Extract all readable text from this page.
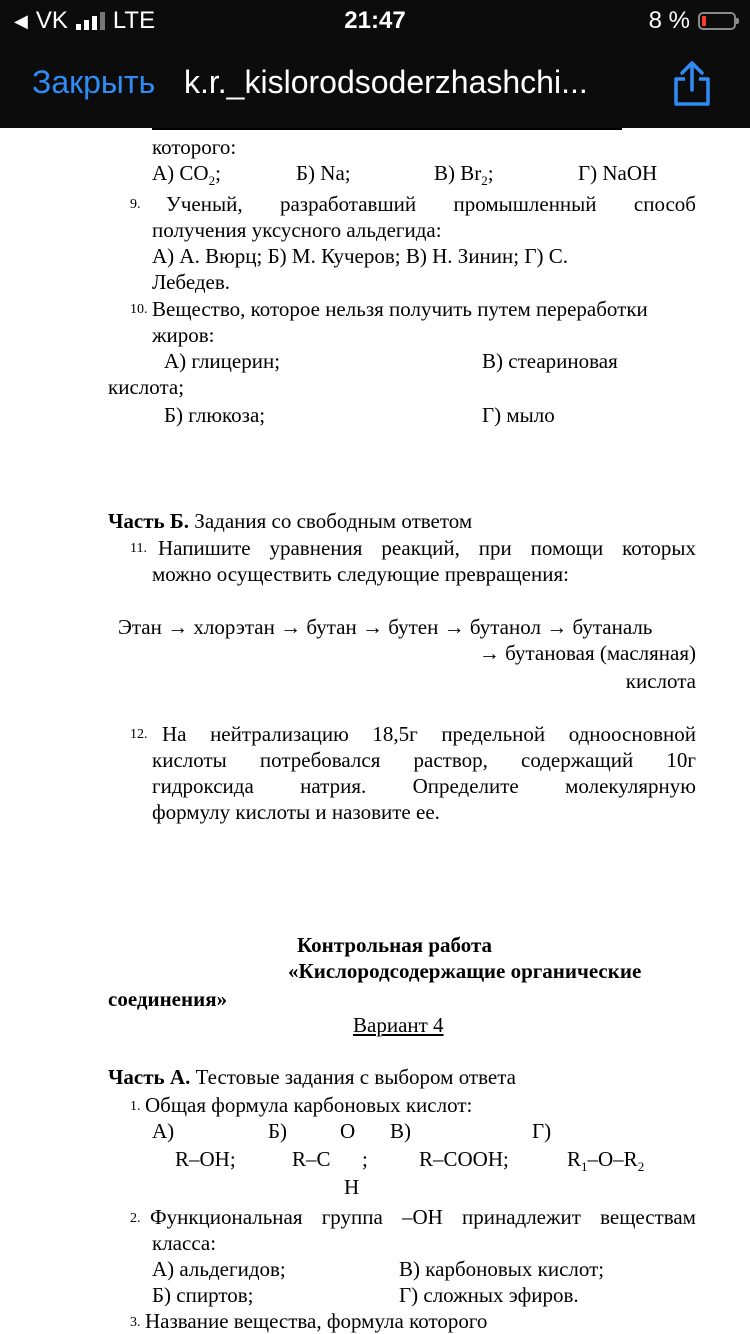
◀ VK LTE	21:47	8 %
Закрыть k.r._kislorodsoderzhashchi...
которого:
А) $CO_2$;	Б) Na;	В) $Br_2$;	Г) NaOH
9. Ученый, разработавший промышленный способ
получения уксусного альдегида:
А) А. Вюрц; Б) М. Кучеров; В) Н. Зинин; Г) С.
Лебедев.
10. Вещество, которое нельзя получить путем переработки
жиров:
А) глицерин;	В) стеариновая
кислота;
Б) глюкоза;	Г) мыло
Часть Б. Задания со свободным ответом
11. Напишите уравнения реакций, при помощи которых
можно осуществить следующие превращения:
Этан → хлорэтан → бутан → бутен → бутанол → бутаналь
→ бутановая (масляная)
кислота
12. На нейтрализацию 18,5г предельной одноосновной
кислоты потребовался раствор, содержащий 10г
гидроксида натрия. Определите молекулярную
формулу кислоты и назовите ее.
Контрольная работа
«Кислородсодержащие органические
соединения»
Вариант 4
Часть А. Тестовые задания с выбором ответа
1. Общая формула карбоновых кислот:
А)	Б)	О В)	Г)
R–OH;	R–C ; R–COOH;	$R_1-O-R_2$
Н
2. Функциональная группа –OH принадлежит веществам
класса:
А) альдегидов;	В) карбоновых кислот;
Б) спиртов;	Г) сложных эфиров.
3. Название вещества, формула которого
